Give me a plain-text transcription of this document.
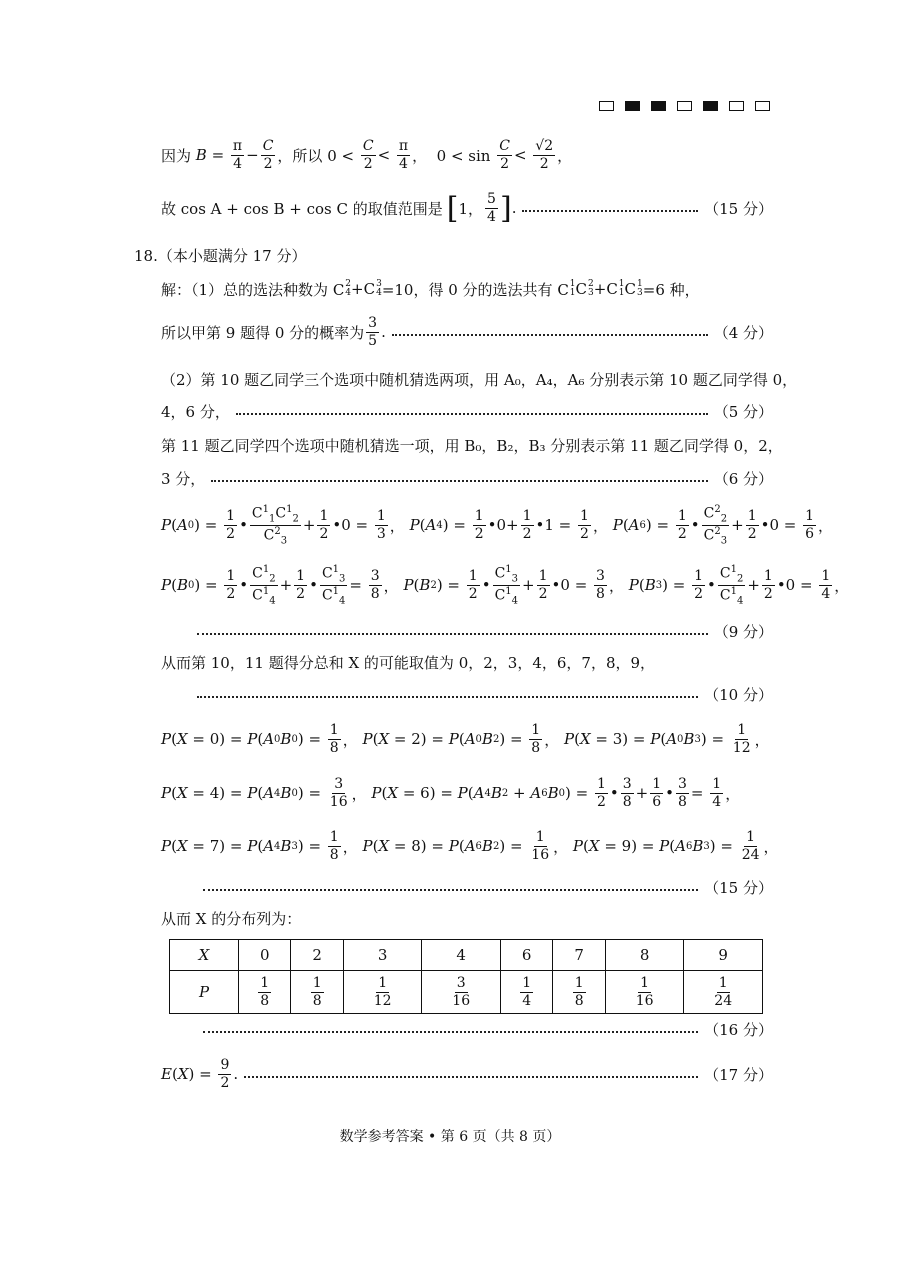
因为 $B = \frac{\pi}{4} - \frac{C}{2}$ ，所以 $0 < \frac{C}{2} < \frac{\pi}{4}$ ，  $0 < \sin \frac{C}{2} < \frac{√2}{2}$ ，
故 cos A + cos B + cos C 的取值范围是 [ 1， $\frac{5}{4}$ ] .	（15 分）
18.（本小题满分 17 分）
解：（1）总的选法种数为 C 2
4 +C 3
4 =10，得 0 分的选法共有 C 1
1 C 2
3 +C 1
1 C 1
3 =6 种，
所以甲第 9 题得 0 分的概率为 $\frac{3}{5}$ .	（4 分）
（2）第 10 题乙同学三个选项中随机猜选两项，用 A₀，A₄，A₆ 分别表示第 10 题乙同学得 0，
4，6 分，	（5 分）
第 11 题乙同学四个选项中随机猜选一项，用 B₀，B₂，B₃ 分别表示第 11 题乙同学得 0，2，
3 分，	（6 分）
P ( A 0 ) = $\frac{1}{2}$ • $\frac{C^1_1C^1_2}{C^2_3} + \frac{1}{2}$ •0 = $\frac{1}{3}$ ， P ( A 4 ) = $\frac{1}{2}$ •0+ $\frac{1}{2}$ •1 = $\frac{1}{2}$ ， P ( A 6 ) = $\frac{1}{2}$ • $\frac{C^2_2}{C^2_3} + \frac{1}{2}$ •0 = $\frac{1}{6}$ ，
P ( B 0 ) = $\frac{1}{2}$ • $\frac{C^1_2}{C^1_4} + \frac{1}{2}$ • $\frac{C^1_3}{C^1_4} = \frac{3}{8}$ ， P ( B 2 ) = $\frac{1}{2}$ • $\frac{C^1_3}{C^1_4} + \frac{1}{2}$ •0 = $\frac{3}{8}$ ， P ( B 3 ) = $\frac{1}{2}$ • $\frac{C^1_2}{C^1_4} + \frac{1}{2}$ •0 = $\frac{1}{4}$ ，
（9 分）
从而第 10，11 题得分总和 X 的可能取值为 0，2，3，4，6，7，8，9，
（10 分）
P ( X = 0) = P ( A 0 B 0 ) = $\frac{1}{8}$ ， P ( X = 2) = P ( A 0 B 2 ) = $\frac{1}{8}$ ， P ( X = 3) = P ( A 0 B 3 ) = $\frac{1}{12}$ ，
P ( X = 4) = P ( A 4 B 0 ) = $\frac{3}{16}$ ， P ( X = 6) = P ( A 4 B 2 + A 6 B 0 ) = $\frac{1}{2}$ • $\frac{3}{8} + \frac{1}{6}$ • $\frac{3}{8} = \frac{1}{4}$ ，
P ( X = 7) = P ( A 4 B 3 ) = $\frac{1}{8}$ ， P ( X = 8) = P ( A 6 B 2 ) = $\frac{1}{16}$ ， P ( X = 9) = P ( A 6 B 3 ) = $\frac{1}{24}$ ，
（15 分）
从而 X 的分布列为：
X	0	2	3	4	6	7	8	9
P	$\frac{1}{8}$	$\frac{1}{8}$	$\frac{1}{12}$	$\frac{3}{16}$	$\frac{1}{4}$	$\frac{1}{8}$	$\frac{1}{16}$	$\frac{1}{24}$
（16 分）
E ( X ) = $\frac{9}{2}$ .	（17 分）
数学参考答案 • 第 6 页（共 8 页）
